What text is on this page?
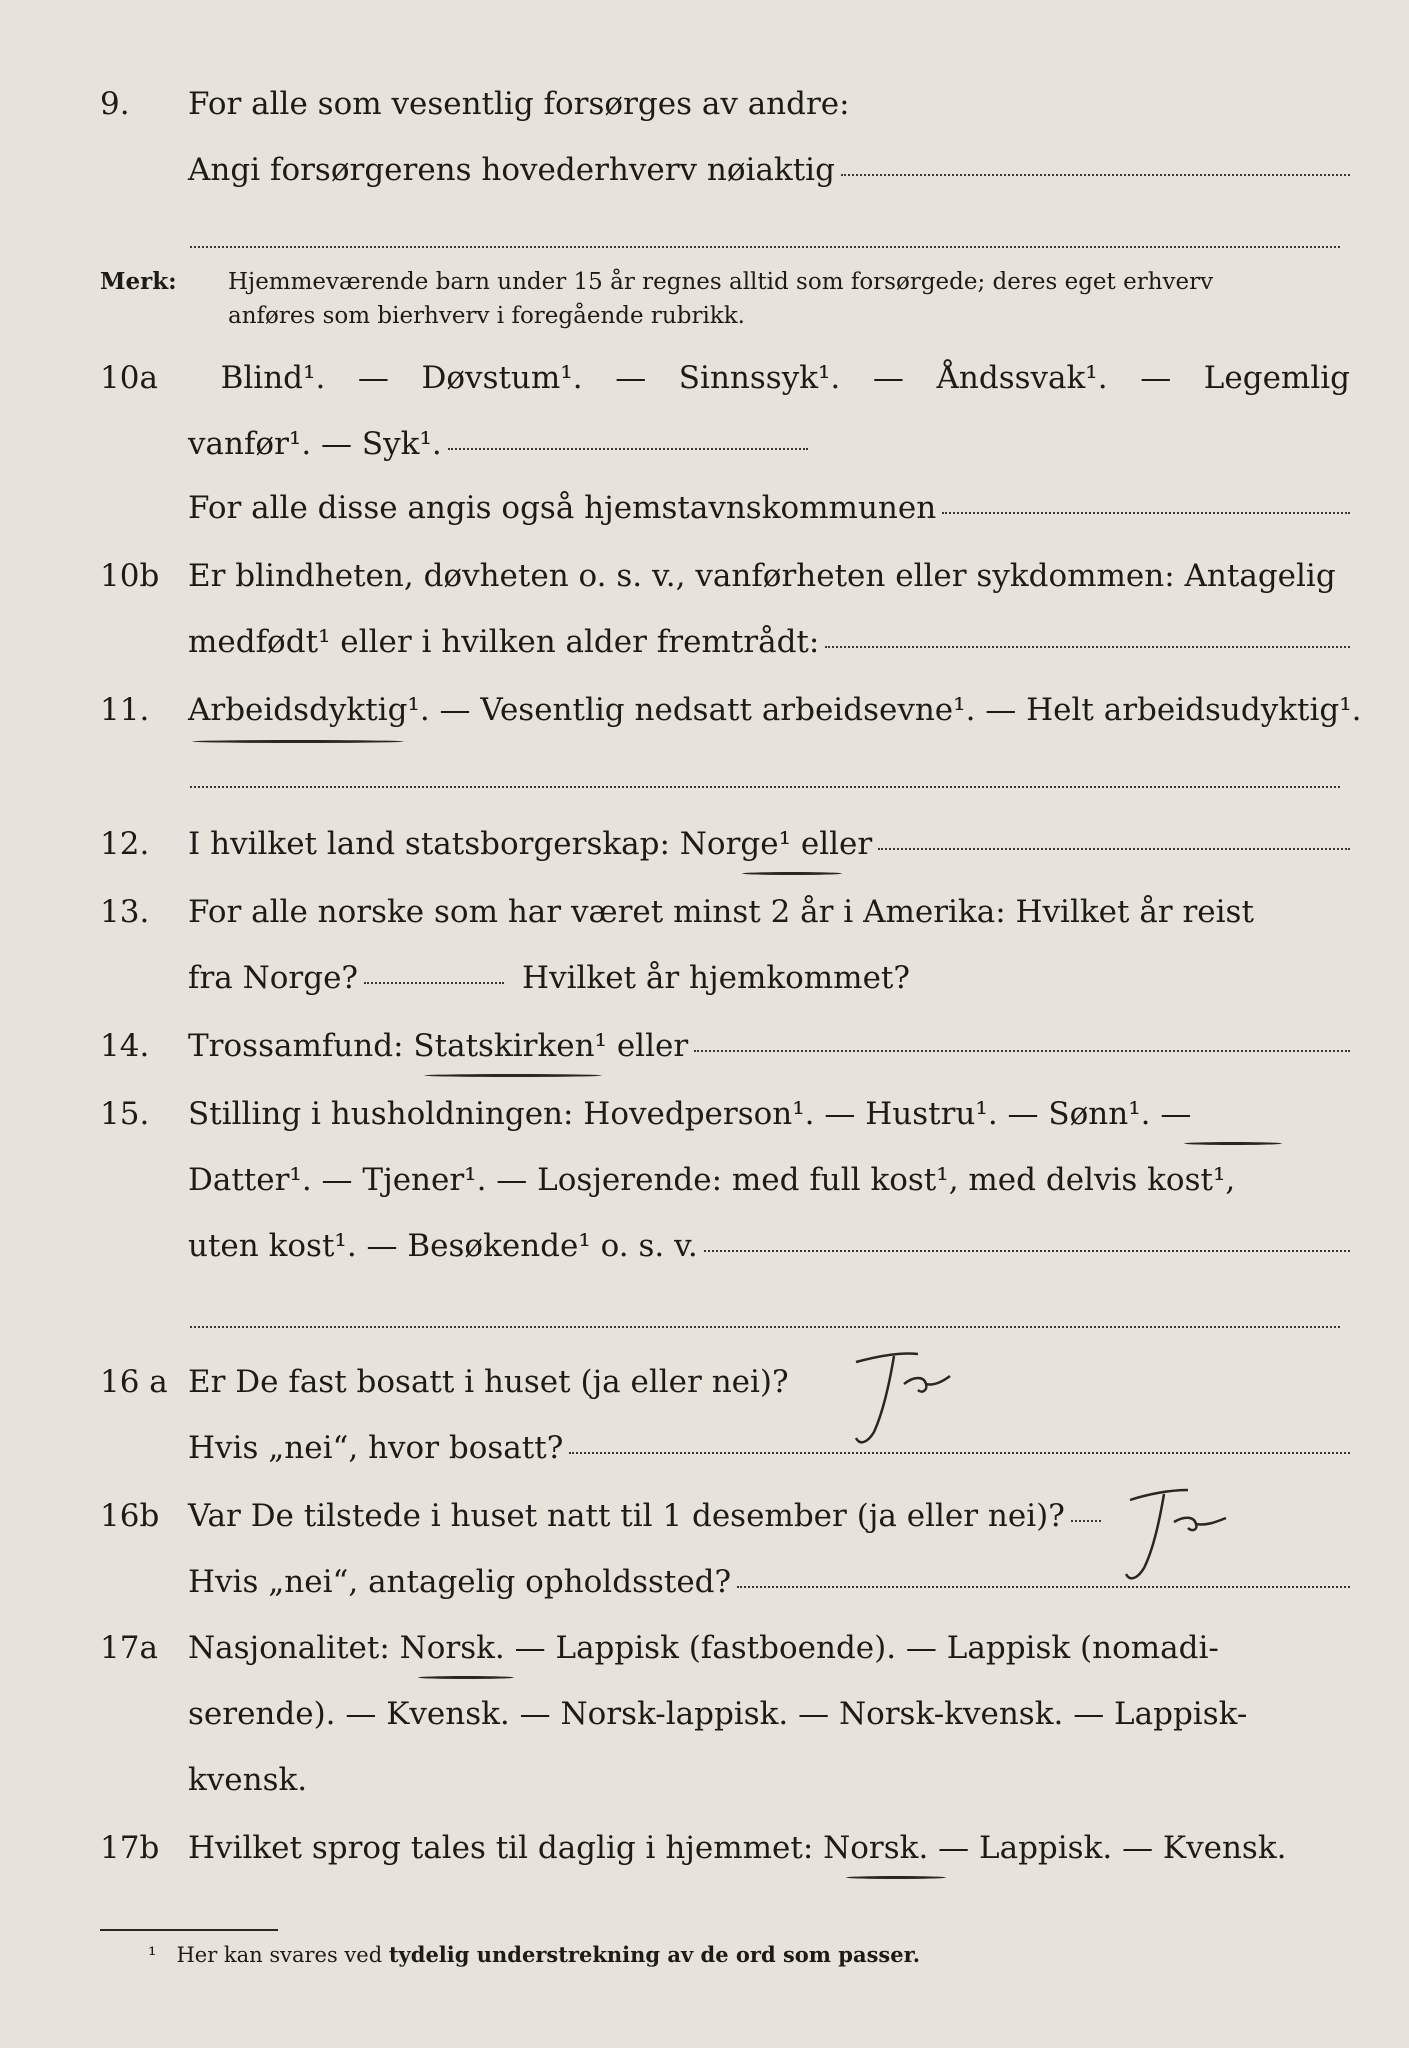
9.	For alle som vesentlig forsørges av andre:
Angi forsørgerens hovederhverv nøiaktig
Merk: Hjemmeværende barn under 15 år regnes alltid som forsørgede; deres eget erhverv
anføres som bierhverv i foregående rubrikk.
10a	Blind¹. — Døvstum¹. — Sinnssyk¹. — Åndssvak¹. — Legemlig
vanfør¹. — Syk¹.
For alle disse angis også hjemstavnskommunen
10b Er blindheten, døvheten o. s. v., vanførheten eller sykdommen: Antagelig
medfødt¹ eller i hvilken alder fremtrådt:
11.	Arbeidsdyktig¹. — Vesentlig nedsatt arbeidsevne¹. — Helt arbeidsudyktig¹.
12.	I hvilket land statsborgerskap: Norge¹ eller
13.	For alle norske som har været minst 2 år i Amerika: Hvilket år reist
fra Norge?	Hvilket år hjemkommet?
14.	Trossamfund: Statskirken¹ eller
15.	Stilling i husholdningen: Hovedperson¹. — Hustru¹. — Sønn¹. —
Datter¹. — Tjener¹. — Losjerende: med full kost¹, med delvis kost¹,
uten kost¹. — Besøkende¹ o. s. v.
16 a Er De fast bosatt i huset (ja eller nei)?
Hvis „nei“, hvor bosatt?
16b Var De tilstede i huset natt til 1 desember (ja eller nei)?
Hvis „nei“, antagelig opholdssted?
17a Nasjonalitet: Norsk. — Lappisk (fastboende). — Lappisk (nomadi-
serende). — Kvensk. — Norsk-lappisk. — Norsk-kvensk. — Lappisk-
kvensk.
17b Hvilket sprog tales til daglig i hjemmet: Norsk. — Lappisk. — Kvensk.
¹ Her kan svares ved tydelig understrekning av de ord som passer.
